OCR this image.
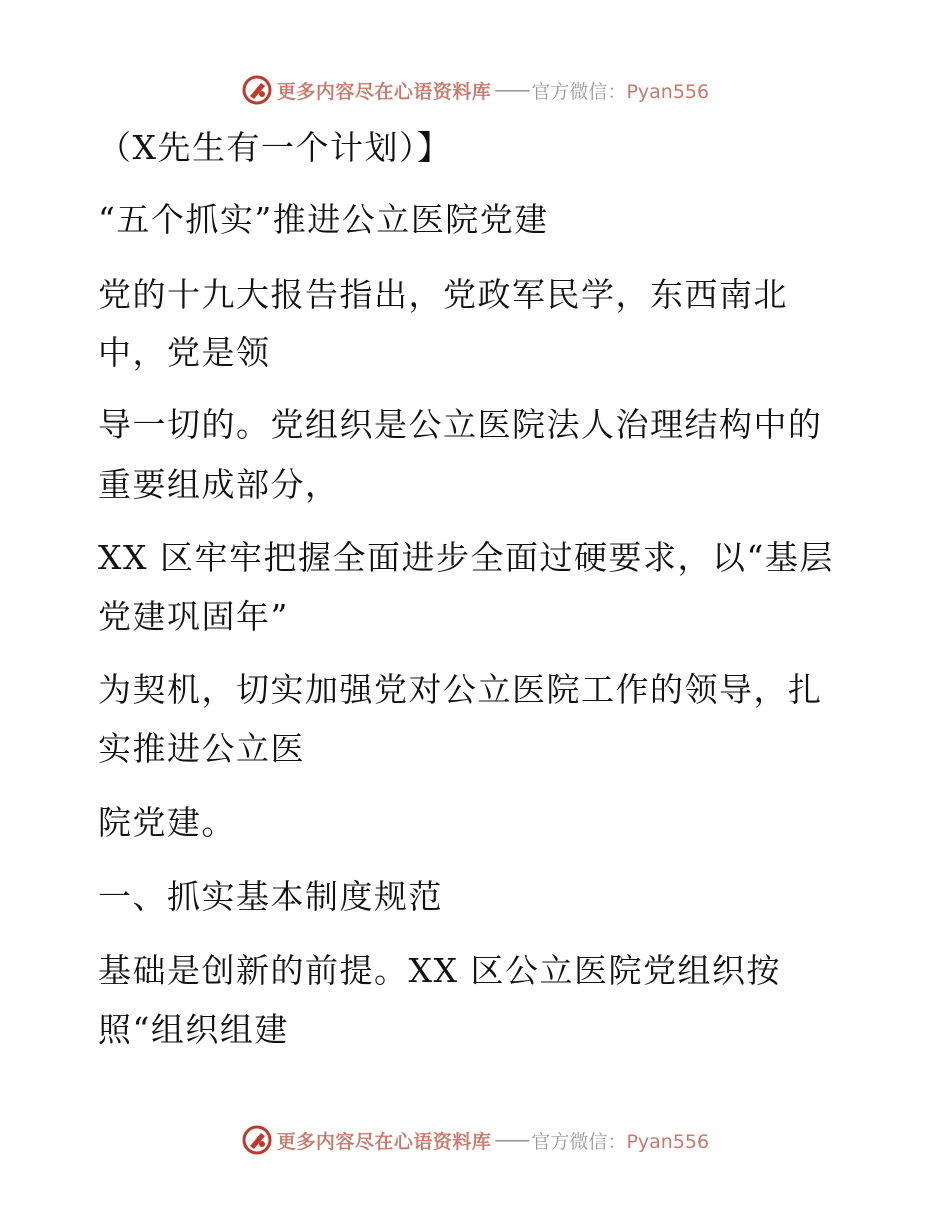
更多内容尽在心语资料库 —— 官方微信：Pyan556
（X先生有一个计划）】
“五个抓实”推进公立医院党建
党的十九大报告指出，党政军民学，东西南北
中，党是领
导一切的。党组织是公立医院法人治理结构中的
重要组成部分，
XX 区牢牢把握全面进步全面过硬要求，以“基层
党建巩固年”
为契机，切实加强党对公立医院工作的领导，扎
实推进公立医
院党建。
一、抓实基本制度规范
基础是创新的前提。XX 区公立医院党组织按
照“组织组建
更多内容尽在心语资料库 —— 官方微信：Pyan556
